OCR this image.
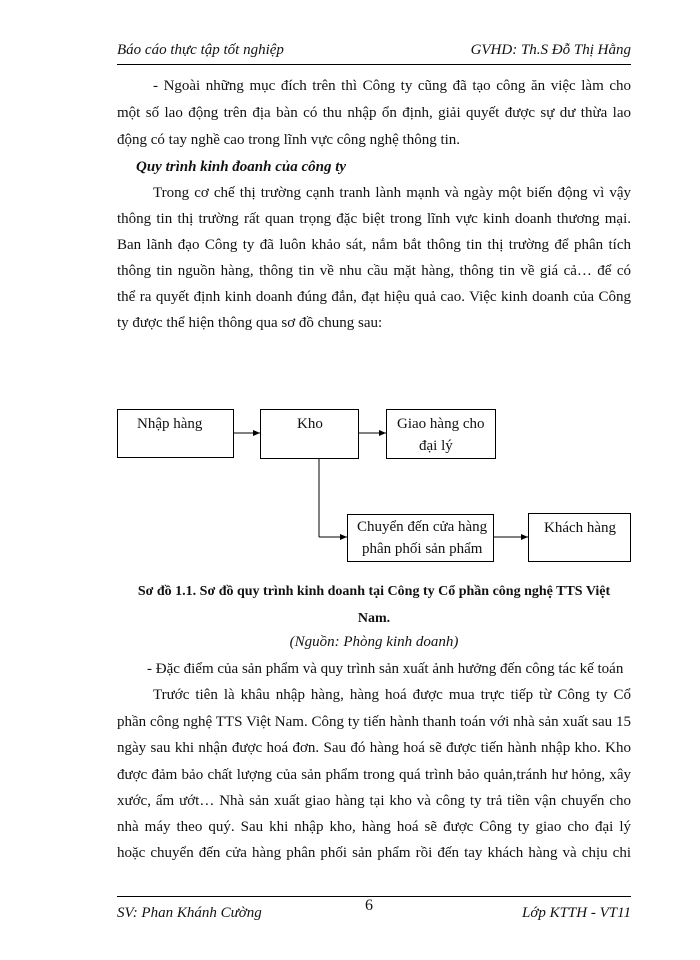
Báo cáo thực tập tốt nghiệp	GVHD: Th.S Đỗ Thị Hằng
- Ngoài những mục đích trên thì Công ty cũng đã tạo công ăn việc làm cho
một số lao động trên địa bàn có thu nhập ổn định, giải quyết được sự dư thừa lao
động có tay nghề cao trong lĩnh vực công nghệ thông tin.
Quy trình kinh đoanh của công ty
Trong cơ chế thị trường cạnh tranh lành mạnh và ngày một biến động vì vậy
thông tin thị trường rất quan trọng đặc biệt trong lĩnh vực kinh doanh thương mại.
Ban lãnh đạo Công ty đã luôn khảo sát, nắm bắt thông tin thị trường để phân tích
thông tin nguồn hàng, thông tin về nhu cầu mặt hàng, thông tin về giá cả… để có
thể ra quyết định kinh doanh đúng đắn, đạt hiệu quả cao. Việc kinh doanh của Công
ty được thể hiện thông qua sơ đồ chung sau:
Nhập hàng	Kho	Giao hàng cho
đại lý
Chuyển đến cửa hàng
phân phối sản phẩm
Khách hàng
Sơ đồ 1.1. Sơ đồ quy trình kinh doanh tại Công ty Cổ phần công nghệ TTS Việt
Nam.
(Nguồn: Phòng kinh doanh)
- Đặc điểm của sản phẩm và quy trình sản xuất ảnh hưởng đến công tác kế toán
Trước tiên là khâu nhập hàng, hàng hoá được mua trực tiếp từ Công ty Cổ
phần công nghệ TTS Việt Nam. Công ty tiến hành thanh toán với nhà sản xuất sau 15
ngày sau khi nhận được hoá đơn. Sau đó hàng hoá sẽ được tiến hành nhập kho. Kho
được đảm bảo chất lượng của sản phẩm trong quá trình bảo quản,tránh hư hỏng, xây
xước, ẩm ướt… Nhà sản xuất giao hàng tại kho và công ty trả tiền vận chuyển cho
nhà máy theo quý. Sau khi nhập kho, hàng hoá sẽ được Công ty giao cho đại lý
hoặc chuyển đến cửa hàng phân phối sản phẩm rồi đến tay khách hàng và chịu chi
SV: Phan Khánh Cường	6	Lớp KTTH - VT11
